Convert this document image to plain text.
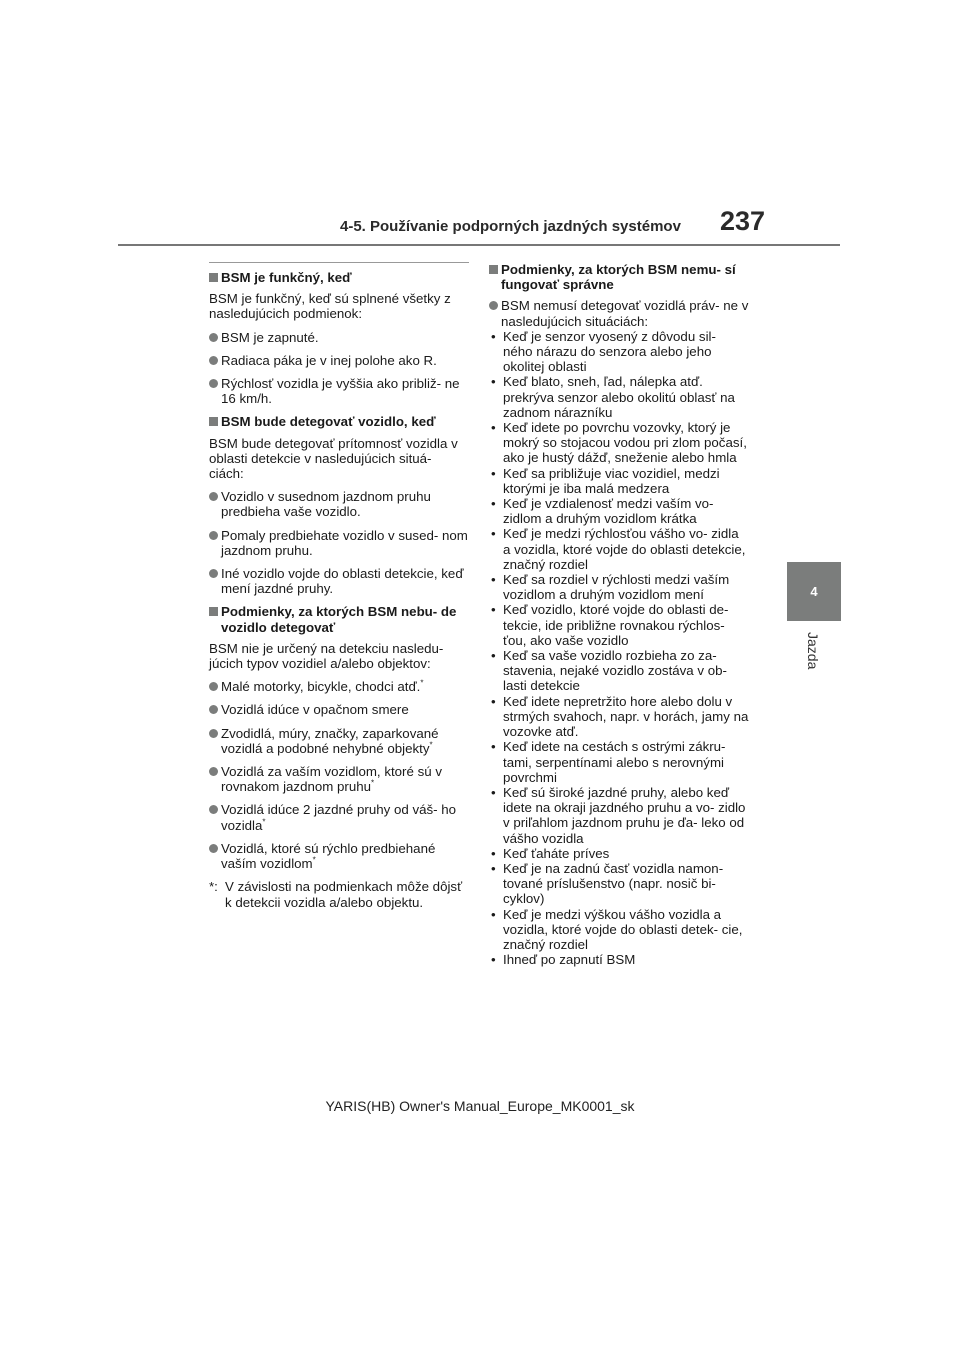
4-5. Používanie podporných jazdných systémov	237
4
Jazda
BSM je funkčný, keď
BSM je funkčný, keď sú splnené všetky z nasledujúcich podmienok:
BSM je zapnuté.
Radiaca páka je v inej polohe ako R.
Rýchlosť vozidla je vyššia ako približ- ne 16 km/h.
BSM bude detegovať vozidlo, keď
BSM bude detegovať prítomnosť vozidla v oblasti detekcie v nasledujúcich situá- ciách:
Vozidlo v susednom jazdnom pruhu predbieha vaše vozidlo.
Pomaly predbiehate vozidlo v sused- nom jazdnom pruhu.
Iné vozidlo vojde do oblasti detekcie, keď mení jazdné pruhy.
Podmienky, za ktorých BSM nebu- de vozidlo detegovať
BSM nie je určený na detekciu nasledu- júcich typov vozidiel a/alebo objektov:
Malé motorky, bicykle, chodci atď.*
Vozidlá idúce v opačnom smere
Zvodidlá, múry, značky, zaparkované vozidlá a podobné nehybné objekty*
Vozidlá za vaším vozidlom, ktoré sú v rovnakom jazdnom pruhu*
Vozidlá idúce 2 jazdné pruhy od váš- ho vozidla*
Vozidlá, ktoré sú rýchlo predbiehané vaším vozidlom*
*: V závislosti na podmienkach môže dôjsť k detekcii vozidla a/alebo objektu.
Podmienky, za ktorých BSM nemu- sí fungovať správne
BSM nemusí detegovať vozidlá práv- ne v nasledujúcich situáciách:
• Keď je senzor vyosený z dôvodu sil- ného nárazu do senzora alebo jeho okolitej oblasti
• Keď blato, sneh, ľad, nálepka atď. prekrýva senzor alebo okolitú oblasť na zadnom nárazníku
• Keď idete po povrchu vozovky, ktorý je mokrý so stojacou vodou pri zlom počasí, ako je hustý dážď, sneženie alebo hmla
• Keď sa približuje viac vozidiel, medzi ktorými je iba malá medzera
• Keď je vzdialenosť medzi vaším vo- zidlom a druhým vozidlom krátka
• Keď je medzi rýchlosťou vášho vo- zidla a vozidla, ktoré vojde do oblasti detekcie, značný rozdiel
• Keď sa rozdiel v rýchlosti medzi vaším vozidlom a druhým vozidlom mení
• Keď vozidlo, ktoré vojde do oblasti de- tekcie, ide približne rovnakou rýchlos- ťou, ako vaše vozidlo
• Keď sa vaše vozidlo rozbieha zo za- stavenia, nejaké vozidlo zostáva v ob- lasti detekcie
• Keď idete nepretržito hore alebo dolu v strmých svahoch, napr. v horách, jamy na vozovke atď.
• Keď idete na cestách s ostrými zákru- tami, serpentínami alebo s nerovnými povrchmi
• Keď sú široké jazdné pruhy, alebo keď idete na okraji jazdného pruhu a vo- zidlo v priľahlom jazdnom pruhu je ďa- leko od vášho vozidla
• Keď ťaháte príves
• Keď je na zadnú časť vozidla namon- tované príslušenstvo (napr. nosič bi- cyklov)
• Keď je medzi výškou vášho vozidla a vozidla, ktoré vojde do oblasti detek- cie, značný rozdiel
• Ihneď po zapnutí BSM
YARIS(HB) Owner's Manual_Europe_MK0001_sk
